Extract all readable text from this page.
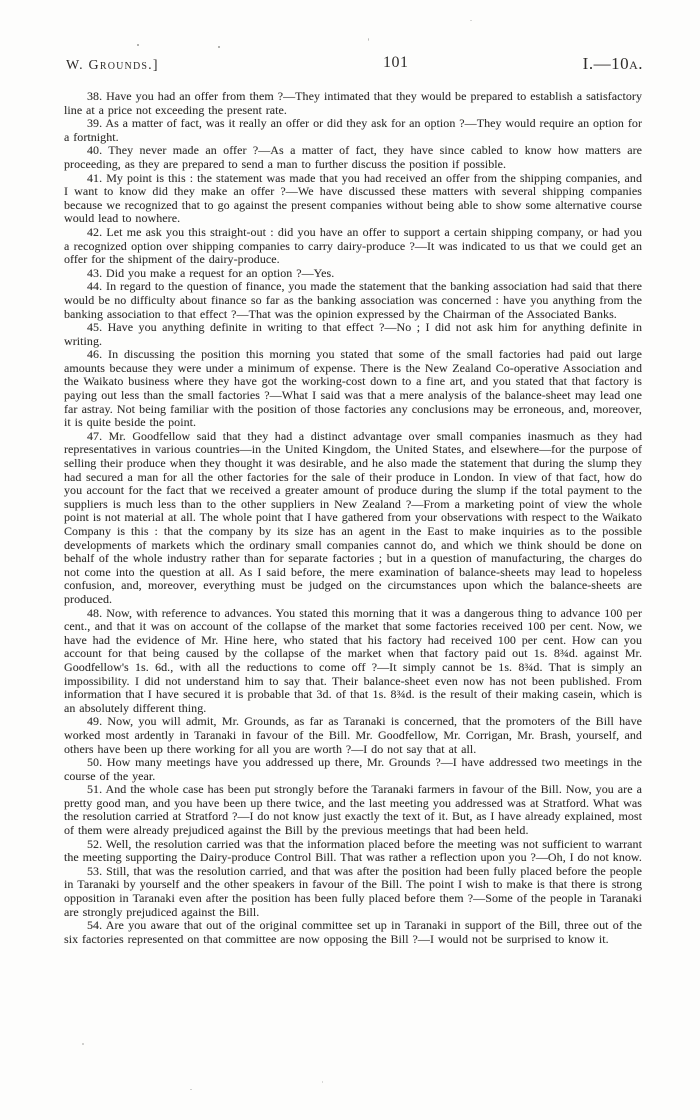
W. Grounds.]	101	I.—10a.

38. Have you had an offer from them ?—They intimated that they would be prepared to establish a satisfactory line at a price not exceeding the present rate.

39. As a matter of fact, was it really an offer or did they ask for an option ?—They would require an option for a fortnight.

40. They never made an offer ?—As a matter of fact, they have since cabled to know how matters are proceeding, as they are prepared to send a man to further discuss the position if possible.

41. My point is this : the statement was made that you had received an offer from the shipping companies, and I want to know did they make an offer ?—We have discussed these matters with several shipping companies because we recognized that to go against the present companies without being able to show some alternative course would lead to nowhere.

42. Let me ask you this straight-out : did you have an offer to support a certain shipping company, or had you a recognized option over shipping companies to carry dairy-produce ?—It was indicated to us that we could get an offer for the shipment of the dairy-produce.

43. Did you make a request for an option ?—Yes.

44. In regard to the question of finance, you made the statement that the banking association had said that there would be no difficulty about finance so far as the banking association was concerned : have you anything from the banking association to that effect ?—That was the opinion expressed by the Chairman of the Associated Banks.

45. Have you anything definite in writing to that effect ?—No ; I did not ask him for anything definite in writing.

46. In discussing the position this morning you stated that some of the small factories had paid out large amounts because they were under a minimum of expense. There is the New Zealand Co-operative Association and the Waikato business where they have got the working-cost down to a fine art, and you stated that that factory is paying out less than the small factories ?—What I said was that a mere analysis of the balance-sheet may lead one far astray. Not being familiar with the position of those factories any conclusions may be erroneous, and, moreover, it is quite beside the point.

47. Mr. Goodfellow said that they had a distinct advantage over small companies inasmuch as they had representatives in various countries—in the United Kingdom, the United States, and elsewhere—for the purpose of selling their produce when they thought it was desirable, and he also made the statement that during the slump they had secured a man for all the other factories for the sale of their produce in London. In view of that fact, how do you account for the fact that we received a greater amount of produce during the slump if the total payment to the suppliers is much less than to the other suppliers in New Zealand ?—From a marketing point of view the whole point is not material at all. The whole point that I have gathered from your observations with respect to the Waikato Company is this : that the company by its size has an agent in the East to make inquiries as to the possible developments of markets which the ordinary small companies cannot do, and which we think should be done on behalf of the whole industry rather than for separate factories ; but in a question of manufacturing, the charges do not come into the question at all. As I said before, the mere examination of balance-sheets may lead to hopeless confusion, and, moreover, everything must be judged on the circumstances upon which the balance-sheets are produced.

48. Now, with reference to advances. You stated this morning that it was a dangerous thing to advance 100 per cent., and that it was on account of the collapse of the market that some factories received 100 per cent. Now, we have had the evidence of Mr. Hine here, who stated that his factory had received 100 per cent. How can you account for that being caused by the collapse of the market when that factory paid out 1s. 8¾d. against Mr. Goodfellow's 1s. 6d., with all the reductions to come off ?—It simply cannot be 1s. 8¾d. That is simply an impossibility. I did not understand him to say that. Their balance-sheet even now has not been published. From information that I have secured it is probable that 3d. of that 1s. 8¾d. is the result of their making casein, which is an absolutely different thing.

49. Now, you will admit, Mr. Grounds, as far as Taranaki is concerned, that the promoters of the Bill have worked most ardently in Taranaki in favour of the Bill. Mr. Goodfellow, Mr. Corrigan, Mr. Brash, yourself, and others have been up there working for all you are worth ?—I do not say that at all.

50. How many meetings have you addressed up there, Mr. Grounds ?—I have addressed two meetings in the course of the year.

51. And the whole case has been put strongly before the Taranaki farmers in favour of the Bill. Now, you are a pretty good man, and you have been up there twice, and the last meeting you addressed was at Stratford. What was the resolution carried at Stratford ?—I do not know just exactly the text of it. But, as I have already explained, most of them were already prejudiced against the Bill by the previous meetings that had been held.

52. Well, the resolution carried was that the information placed before the meeting was not sufficient to warrant the meeting supporting the Dairy-produce Control Bill. That was rather a reflection upon you ?—Oh, I do not know.

53. Still, that was the resolution carried, and that was after the position had been fully placed before the people in Taranaki by yourself and the other speakers in favour of the Bill. The point I wish to make is that there is strong opposition in Taranaki even after the position has been fully placed before them ?—Some of the people in Taranaki are strongly prejudiced against the Bill.

54. Are you aware that out of the original committee set up in Taranaki in support of the Bill, three out of the six factories represented on that committee are now opposing the Bill ?—I would not be surprised to know it.
